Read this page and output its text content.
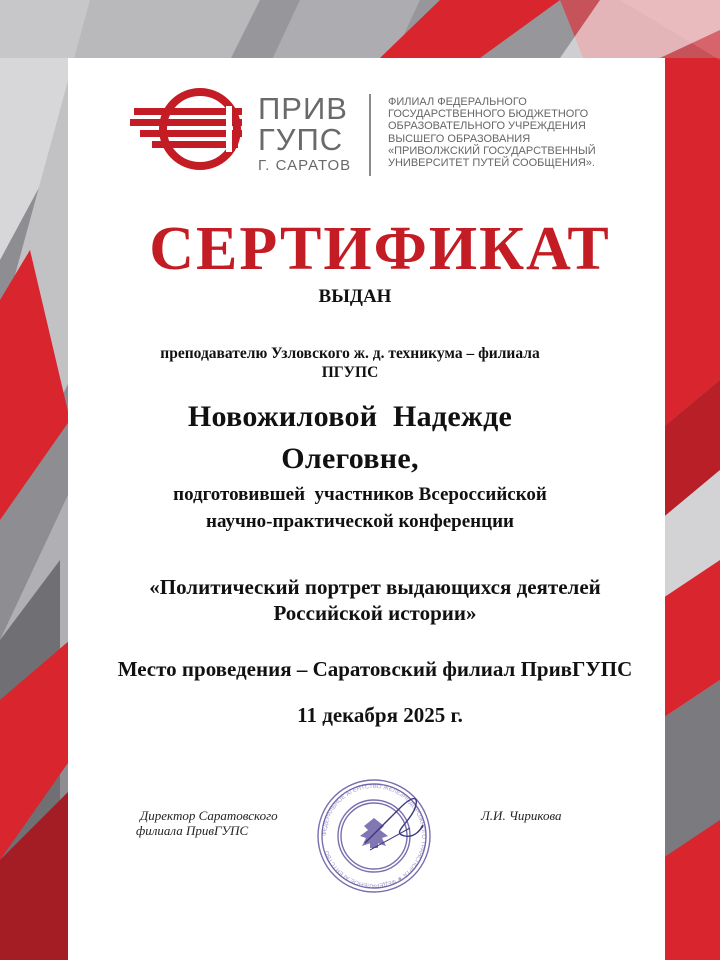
ПРИВ
ГУПС
Г. САРАТОВ
ФИЛИАЛ ФЕДЕРАЛЬНОГО
ГОСУДАРСТВЕННОГО БЮДЖЕТНОГО
ОБРАЗОВАТЕЛЬНОГО УЧРЕЖДЕНИЯ
ВЫСШЕГО ОБРАЗОВАНИЯ
«ПРИВОЛЖСКИЙ ГОСУДАРСТВЕННЫЙ
УНИВЕРСИТЕТ ПУТЕЙ СООБЩЕНИЯ».
СЕРТИФИКАТ
ВЫДАН
преподавателю Узловского ж. д. техникума – филиала
ПГУПС
Новожиловой  Надежде
Олеговне,
подготовившей  участников Всероссийской
научно-практической конференции
«Политический портрет выдающихся деятелей
Российской истории»
Место проведения – Саратовский филиал ПривГУПС
11 декабря 2025 г.
Директор Саратовского
филиала ПривГУПС
Л.И. Чирикова
ФЕДЕРАЛЬНОЕ АГЕНТСТВО ЖЕЛЕЗНОДОРОЖНОГО ТРАНСПОРТА ★ ФЕДЕРАЛЬНОЕ АГЕНТСТВО
